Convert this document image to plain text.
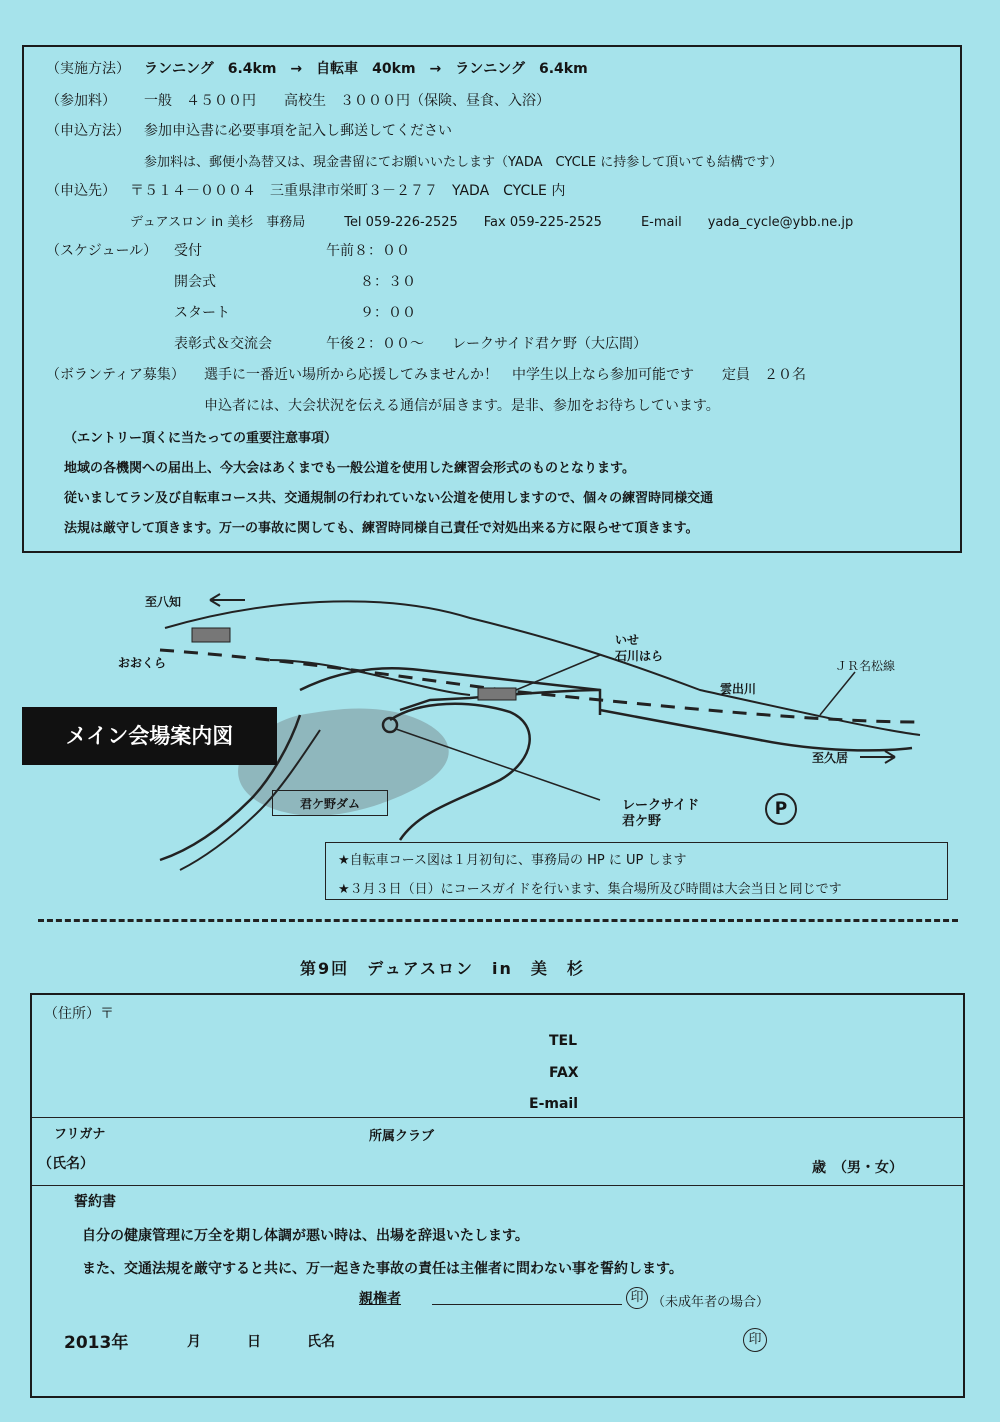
（実施方法） ランニング　6.4km　→　自転車　40km　→　ランニング　6.4km
（参加料） 一般　４５００円　　高校生　３０００円（保険、昼食、入浴）
（申込方法） 参加申込書に必要事項を記入し郵送してください
参加料は、郵便小為替又は、現金書留にてお願いいたします（YADA　CYCLE に持参して頂いても結構です）
（申込先） 〒５１４－０００４　三重県津市栄町３－２７７　YADA　CYCLE 内
デュアスロン in 美杉　事務局　　　Tel 059-226-2525　　Fax 059-225-2525　　　E-mail　　yada_cycle@ybb.ne.jp
（スケジュール） 受付	午前８：００
開会式	８：３０
スタート	９：００
表彰式＆交流会	午後２：００～　　レークサイド君ケ野（大広間）
（ボランティア募集） 選手に一番近い場所から応援してみませんか！　中学生以上なら参加可能です　　定員　２０名
申込者には、大会状況を伝える通信が届きます。是非、参加をお待ちしています。
（エントリー頂くに当たっての重要注意事項）
地域の各機関への届出上、今大会はあくまでも一般公道を使用した練習会形式のものとなります。
従いましてラン及び自転車コース共、交通規制の行われていない公道を使用しますので、個々の練習時同様交通
法規は厳守して頂きます。万一の事故に関しても、練習時同様自己責任で対処出来る方に限らせて頂きます。
メイン会場案内図
至八知
おおくら
いせ
石川はら
ＪＲ名松線
雲出川
至久居
君ケ野ダム	レークサイド
君ケ野
P
★自転車コース図は１月初旬に、事務局の HP に UP します
★３月３日（日）にコースガイドを行います、集合場所及び時間は大会当日と同じです
第9回　デュアスロン　in　美　杉
（住所）〒
TEL
FAX
E-mail
フリガナ	所属クラブ
（氏名）	歳　（男・女）
誓約書
自分の健康管理に万全を期し体調が悪い時は、出場を辞退いたします。
また、交通法規を厳守すると共に、万一起きた事故の責任は主催者に問わない事を誓約します。
親権者	印 （未成年者の場合）
2013年	月	日	氏名	印
